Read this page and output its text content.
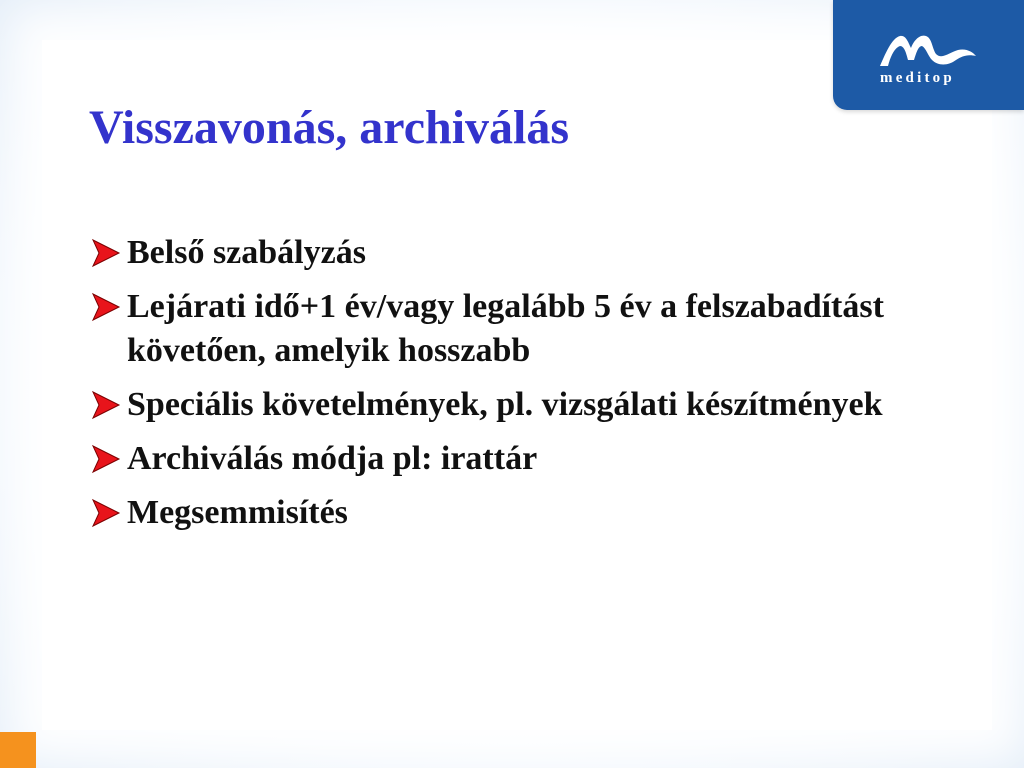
meditop
Visszavonás, archiválás
Belső szabályzás
Lejárati idő+1 év/vagy legalább 5 év a felszabadítást követően, amelyik hosszabb
Speciális követelmények, pl. vizsgálati készítmények
Archiválás módja pl: irattár
Megsemmisítés
